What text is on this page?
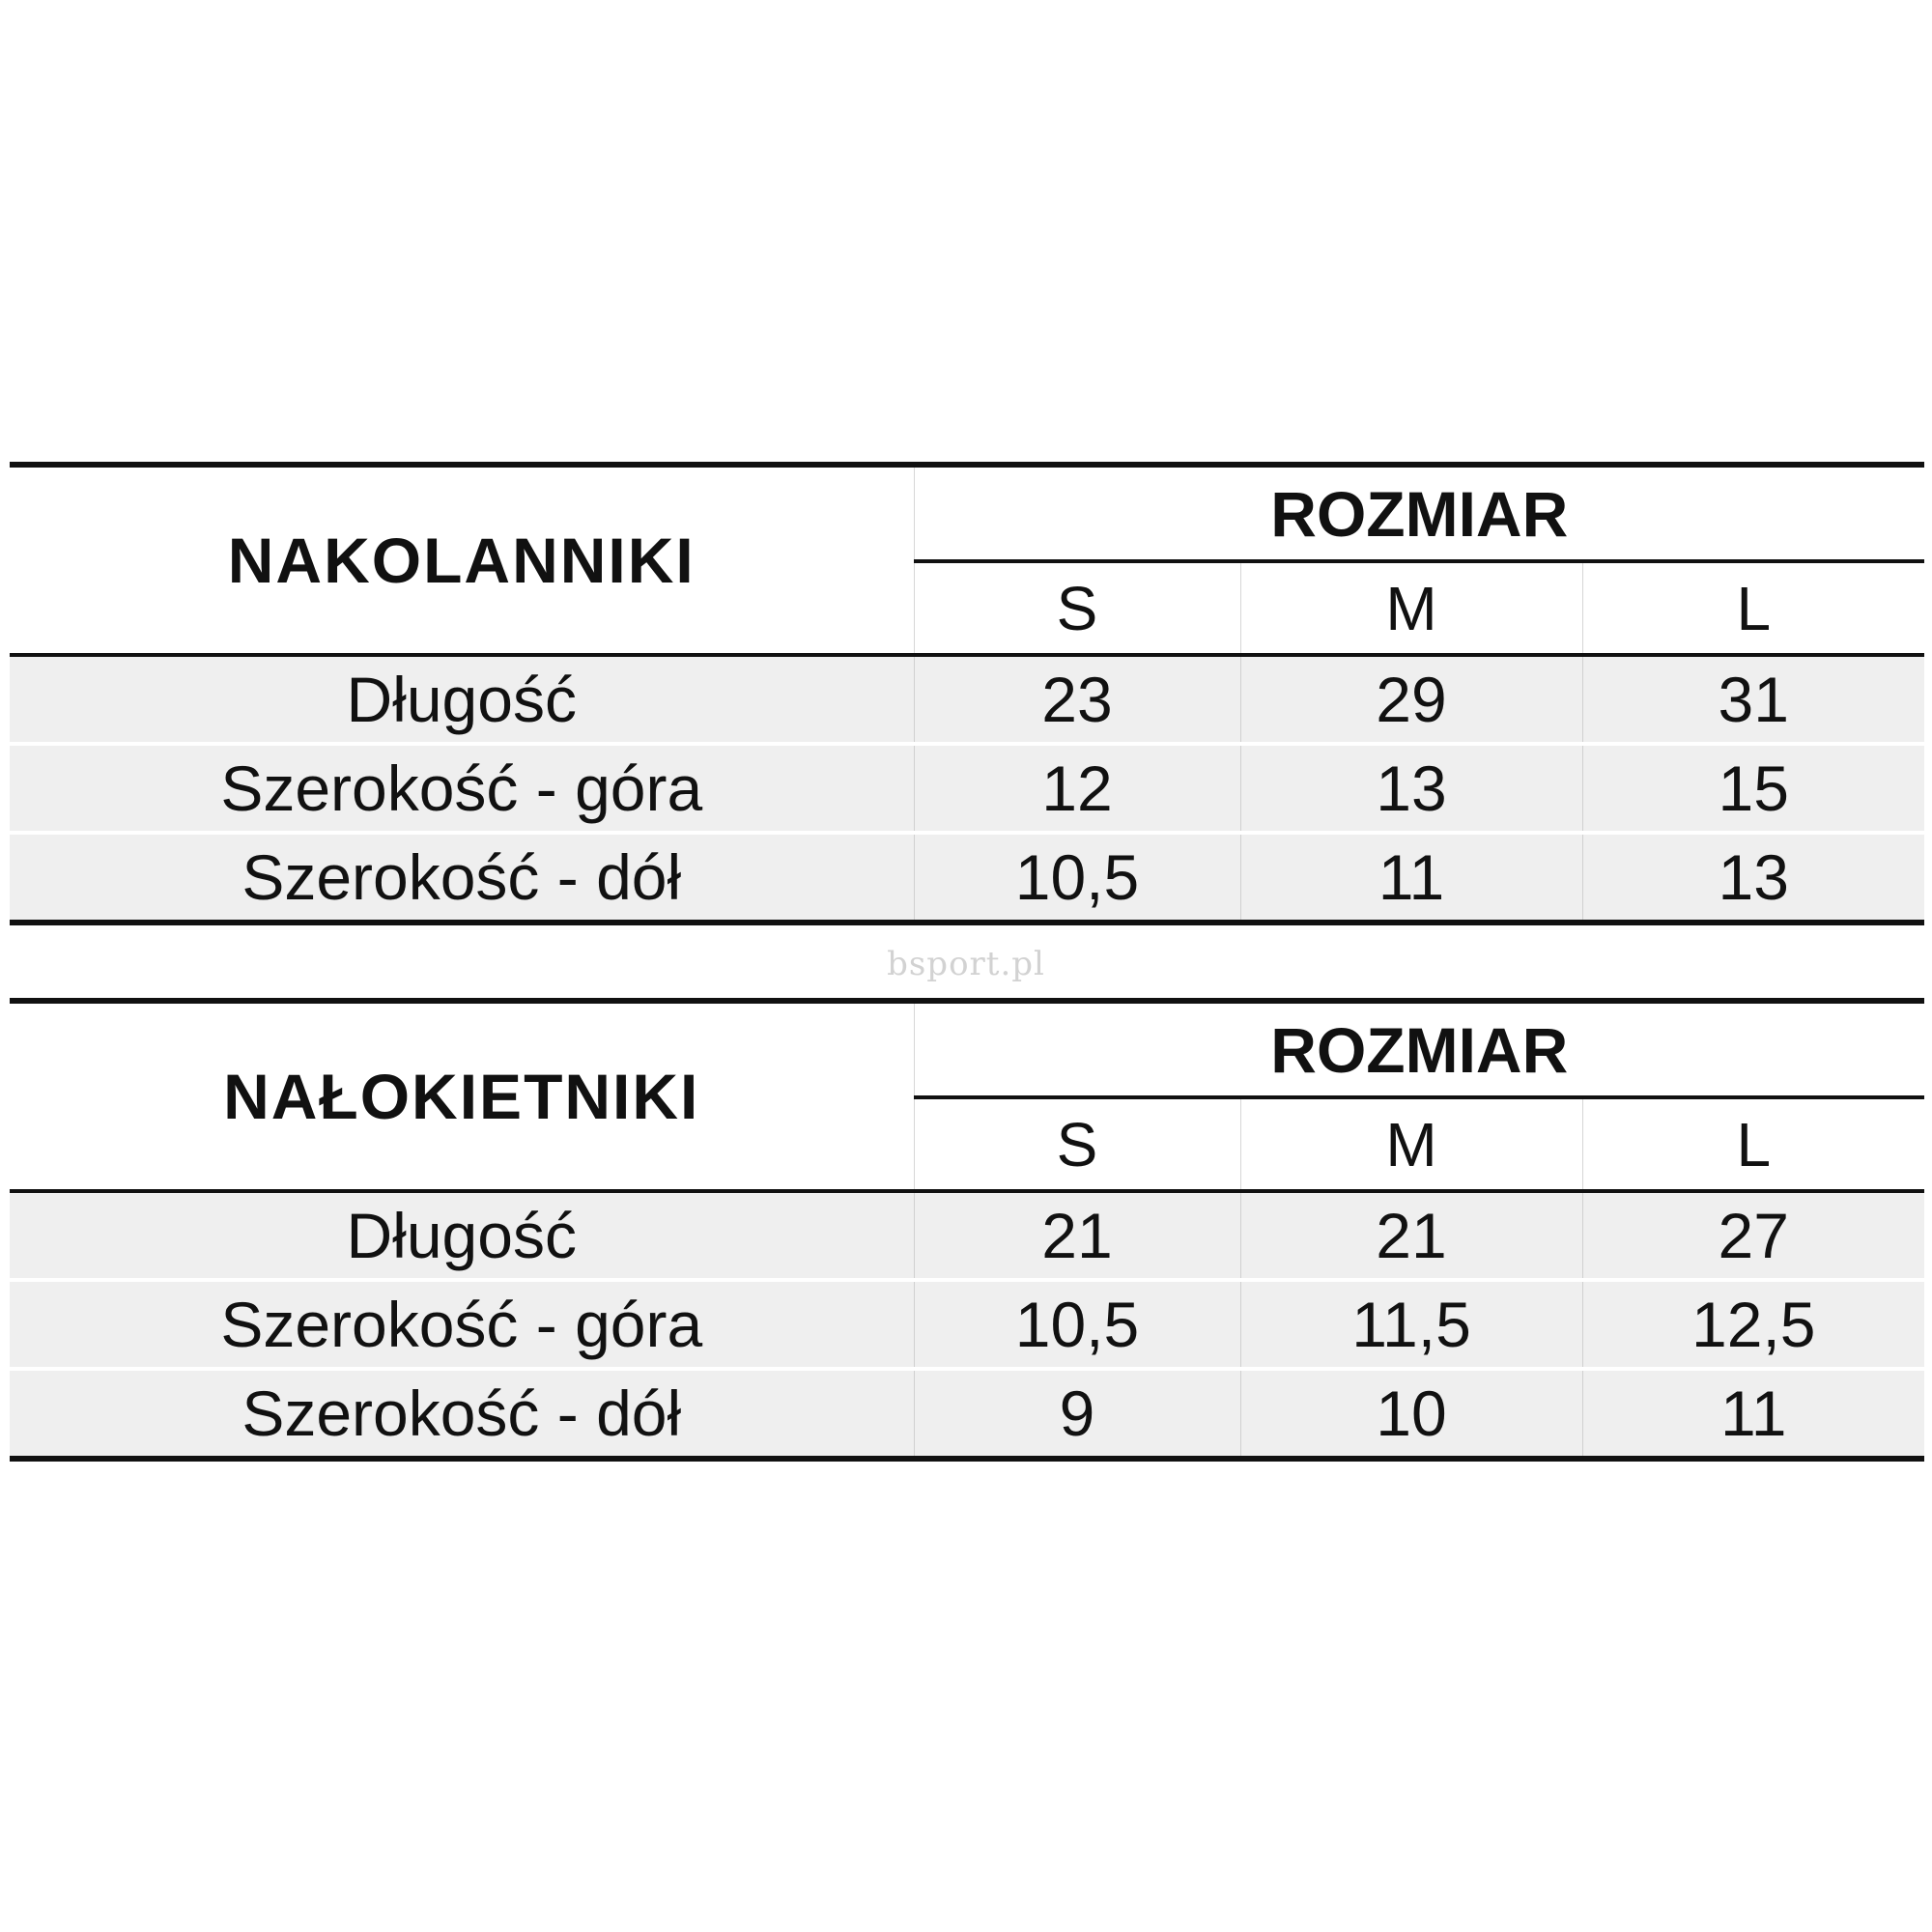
NAKOLANNIKI	ROZMIAR		
	S	M	L
Długość	23	29	31
Szerokość - góra	12	13	15
Szerokość - dół	10,5	11	13
bsport.pl
NAŁOKIETNIKI	ROZMIAR		
	S	M	L
Długość	21	21	27
Szerokość - góra	10,5	11,5	12,5
Szerokość - dół	9	10	11
